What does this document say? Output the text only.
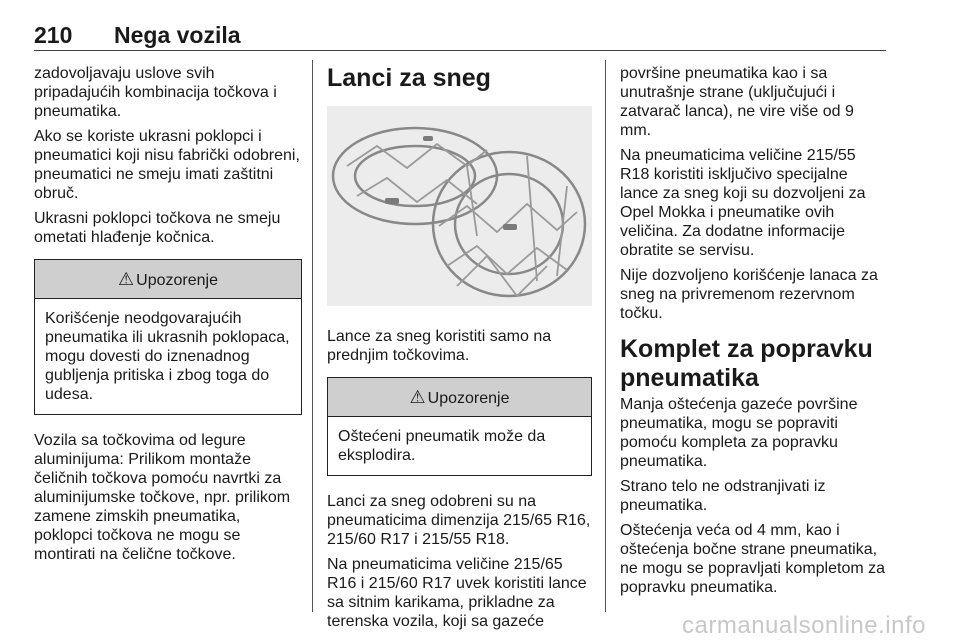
210 Nega vozila

zadovoljavaju uslove svih pripadajućih kombinacija točkova i pneumatika.

Ako se koriste ukrasni poklopci i pneumatici koji nisu fabrički odobreni, pneumatici ne smeju imati zaštitni obruč.

Ukrasni poklopci točkova ne smeju ometati hlađenje kočnica.

⚠ Upozorenje

Korišćenje neodgovarajućih pneumatika ili ukrasnih poklopaca, mogu dovesti do iznenadnog gubljenja pritiska i zbog toga do udesa.

Vozila sa točkovima od legure aluminijuma: Prilikom montaže čeličnih točkova pomoću navrtki za aluminijumske točkove, npr. prilikom zamene zimskih pneumatika, poklopci točkova ne mogu se montirati na čelične točkove.

Lanci za sneg

Lance za sneg koristiti samo na prednjim točkovima.

⚠ Upozorenje

Oštećeni pneumatik može da eksplodira.

Lanci za sneg odobreni su na pneumaticima dimenzija 215/65 R16, 215/60 R17 i 215/55 R18.

Na pneumaticima veličine 215/65 R16 i 215/60 R17 uvek koristiti lance sa sitnim karikama, prikladne za terenska vozila, koji sa gazeće

površine pneumatika kao i sa unutrašnje strane (uključujući i zatvarač lanca), ne vire više od 9 mm.

Na pneumaticima veličine 215/55 R18 koristiti isključivo specijalne lance za sneg koji su dozvoljeni za Opel Mokka i pneumatike ovih veličina. Za dodatne informacije obratite se servisu.

Nije dozvoljeno korišćenje lanaca za sneg na privremenom rezervnom točku.

Komplet za popravku pneumatika

Manja oštećenja gazeće površine pneumatika, mogu se popraviti pomoću kompleta za popravku pneumatika.

Strano telo ne odstranjivati iz pneumatika.

Oštećenja veća od 4 mm, kao i oštećenja bočne strane pneumatika, ne mogu se popravljati kompletom za popravku pneumatika.

carmanualsonline.info
